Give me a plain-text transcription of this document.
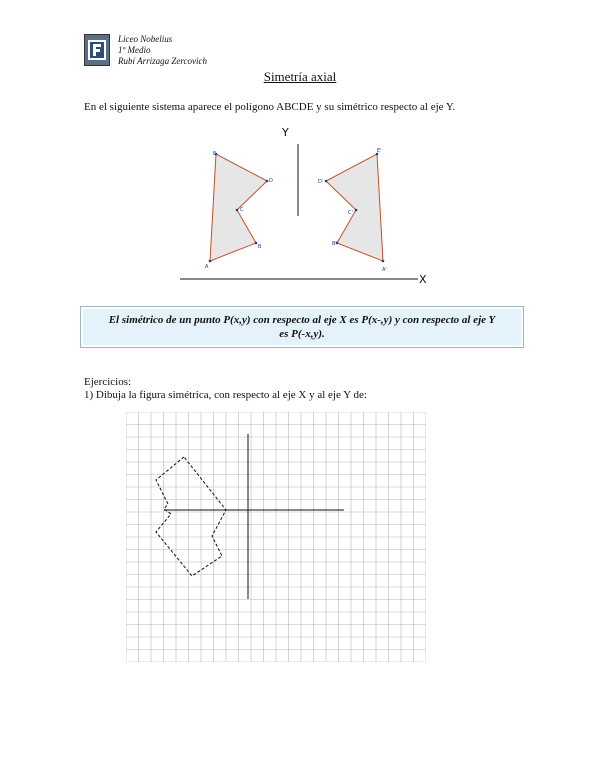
Liceo Nobelius
1º Medio
Rubí Arrizaga Zercovich
Simetría axial
En el siguiente sistema aparece el polígono ABCDE y su simétrico respecto al eje Y.
Y
X
A
B
C
D
E
A'
B'
C'
D'
E'
El simétrico de un punto P(x,y) con respecto al eje X es P(x-,y) y con respecto al eje Y es P(-x,y).
Ejercicios:
1) Dibuja la figura simétrica, con respecto al eje X y al eje Y de:
